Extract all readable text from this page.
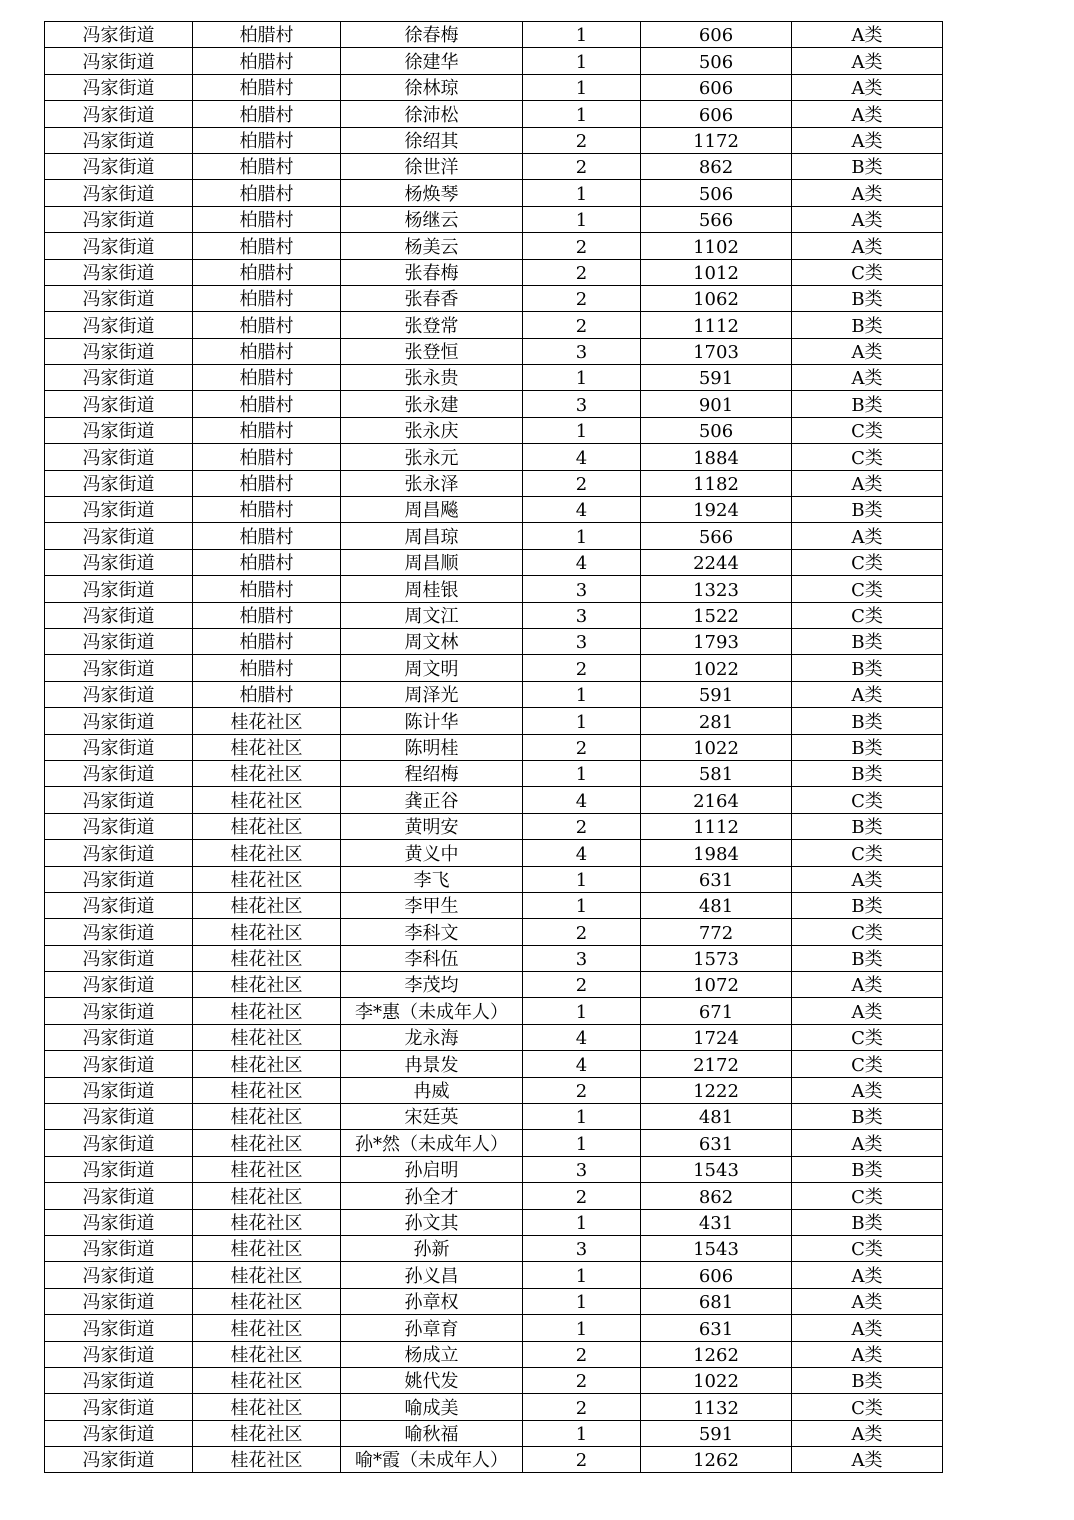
冯家街道	柏腊村	徐春梅	1	606	A类
冯家街道	柏腊村	徐建华	1	506	A类
冯家街道	柏腊村	徐林琼	1	606	A类
冯家街道	柏腊村	徐沛松	1	606	A类
冯家街道	柏腊村	徐绍其	2	1172	A类
冯家街道	柏腊村	徐世洋	2	862	B类
冯家街道	柏腊村	杨焕琴	1	506	A类
冯家街道	柏腊村	杨继云	1	566	A类
冯家街道	柏腊村	杨美云	2	1102	A类
冯家街道	柏腊村	张春梅	2	1012	C类
冯家街道	柏腊村	张春香	2	1062	B类
冯家街道	柏腊村	张登常	2	1112	B类
冯家街道	柏腊村	张登恒	3	1703	A类
冯家街道	柏腊村	张永贵	1	591	A类
冯家街道	柏腊村	张永建	3	901	B类
冯家街道	柏腊村	张永庆	1	506	C类
冯家街道	柏腊村	张永元	4	1884	C类
冯家街道	柏腊村	张永泽	2	1182	A类
冯家街道	柏腊村	周昌飚	4	1924	B类
冯家街道	柏腊村	周昌琼	1	566	A类
冯家街道	柏腊村	周昌顺	4	2244	C类
冯家街道	柏腊村	周桂银	3	1323	C类
冯家街道	柏腊村	周文江	3	1522	C类
冯家街道	柏腊村	周文林	3	1793	B类
冯家街道	柏腊村	周文明	2	1022	B类
冯家街道	柏腊村	周泽光	1	591	A类
冯家街道	桂花社区	陈计华	1	281	B类
冯家街道	桂花社区	陈明桂	2	1022	B类
冯家街道	桂花社区	程绍梅	1	581	B类
冯家街道	桂花社区	龚正谷	4	2164	C类
冯家街道	桂花社区	黄明安	2	1112	B类
冯家街道	桂花社区	黄义中	4	1984	C类
冯家街道	桂花社区	李飞	1	631	A类
冯家街道	桂花社区	李甲生	1	481	B类
冯家街道	桂花社区	李科文	2	772	C类
冯家街道	桂花社区	李科伍	3	1573	B类
冯家街道	桂花社区	李茂均	2	1072	A类
冯家街道	桂花社区	李*惠（未成年人）	1	671	A类
冯家街道	桂花社区	龙永海	4	1724	C类
冯家街道	桂花社区	冉景发	4	2172	C类
冯家街道	桂花社区	冉威	2	1222	A类
冯家街道	桂花社区	宋廷英	1	481	B类
冯家街道	桂花社区	孙*然（未成年人）	1	631	A类
冯家街道	桂花社区	孙启明	3	1543	B类
冯家街道	桂花社区	孙全才	2	862	C类
冯家街道	桂花社区	孙文其	1	431	B类
冯家街道	桂花社区	孙新	3	1543	C类
冯家街道	桂花社区	孙义昌	1	606	A类
冯家街道	桂花社区	孙章权	1	681	A类
冯家街道	桂花社区	孙章育	1	631	A类
冯家街道	桂花社区	杨成立	2	1262	A类
冯家街道	桂花社区	姚代发	2	1022	B类
冯家街道	桂花社区	喻成美	2	1132	C类
冯家街道	桂花社区	喻秋福	1	591	A类
冯家街道	桂花社区	喻*霞（未成年人）	2	1262	A类
